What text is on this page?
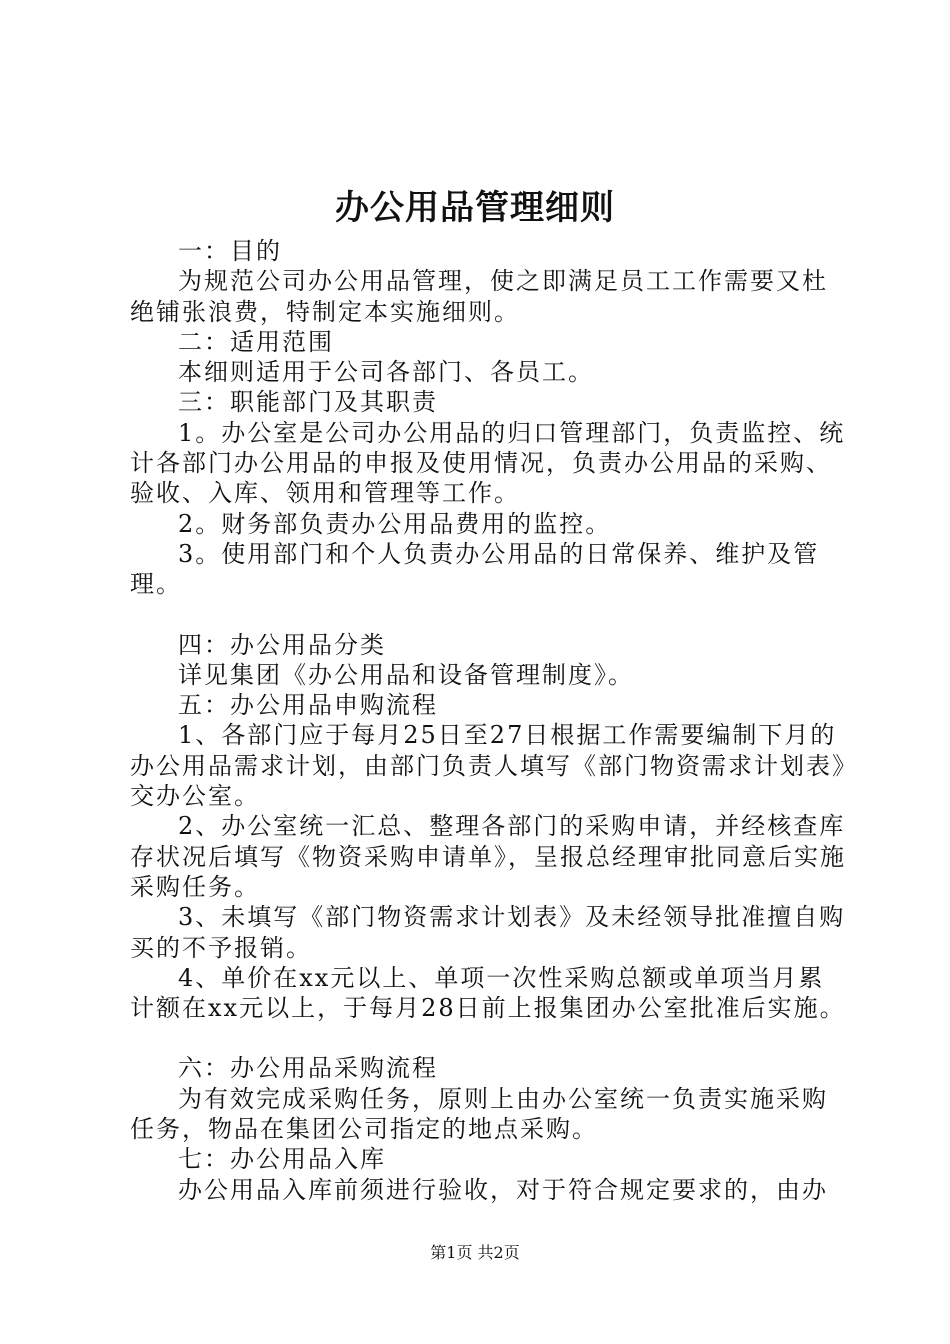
办公用品管理细则

一：目的

为规范公司办公用品管理，使之即满足员工工作需要又杜绝铺张浪费，特制定本实施细则。

二：适用范围

本细则适用于公司各部门、各员工。

三：职能部门及其职责

1。办公室是公司办公用品的归口管理部门，负责监控、统计各部门办公用品的申报及使用情况，负责办公用品的采购、验收、入库、领用和管理等工作。

2。财务部负责办公用品费用的监控。

3。使用部门和个人负责办公用品的日常保养、维护及管理。

四：办公用品分类

详见集团《办公用品和设备管理制度》。

五：办公用品申购流程

1、各部门应于每月25日至27日根据工作需要编制下月的办公用品需求计划，由部门负责人填写《部门物资需求计划表》交办公室。

2、办公室统一汇总、整理各部门的采购申请，并经核查库存状况后填写《物资采购申请单》，呈报总经理审批同意后实施采购任务。

3、未填写《部门物资需求计划表》及未经领导批准擅自购买的不予报销。

4、单价在xx元以上、单项一次性采购总额或单项当月累计额在xx元以上，于每月28日前上报集团办公室批准后实施。

六：办公用品采购流程

为有效完成采购任务，原则上由办公室统一负责实施采购任务，物品在集团公司指定的地点采购。

七：办公用品入库

办公用品入库前须进行验收，对于符合规定要求的，由办

第1页 共2页
